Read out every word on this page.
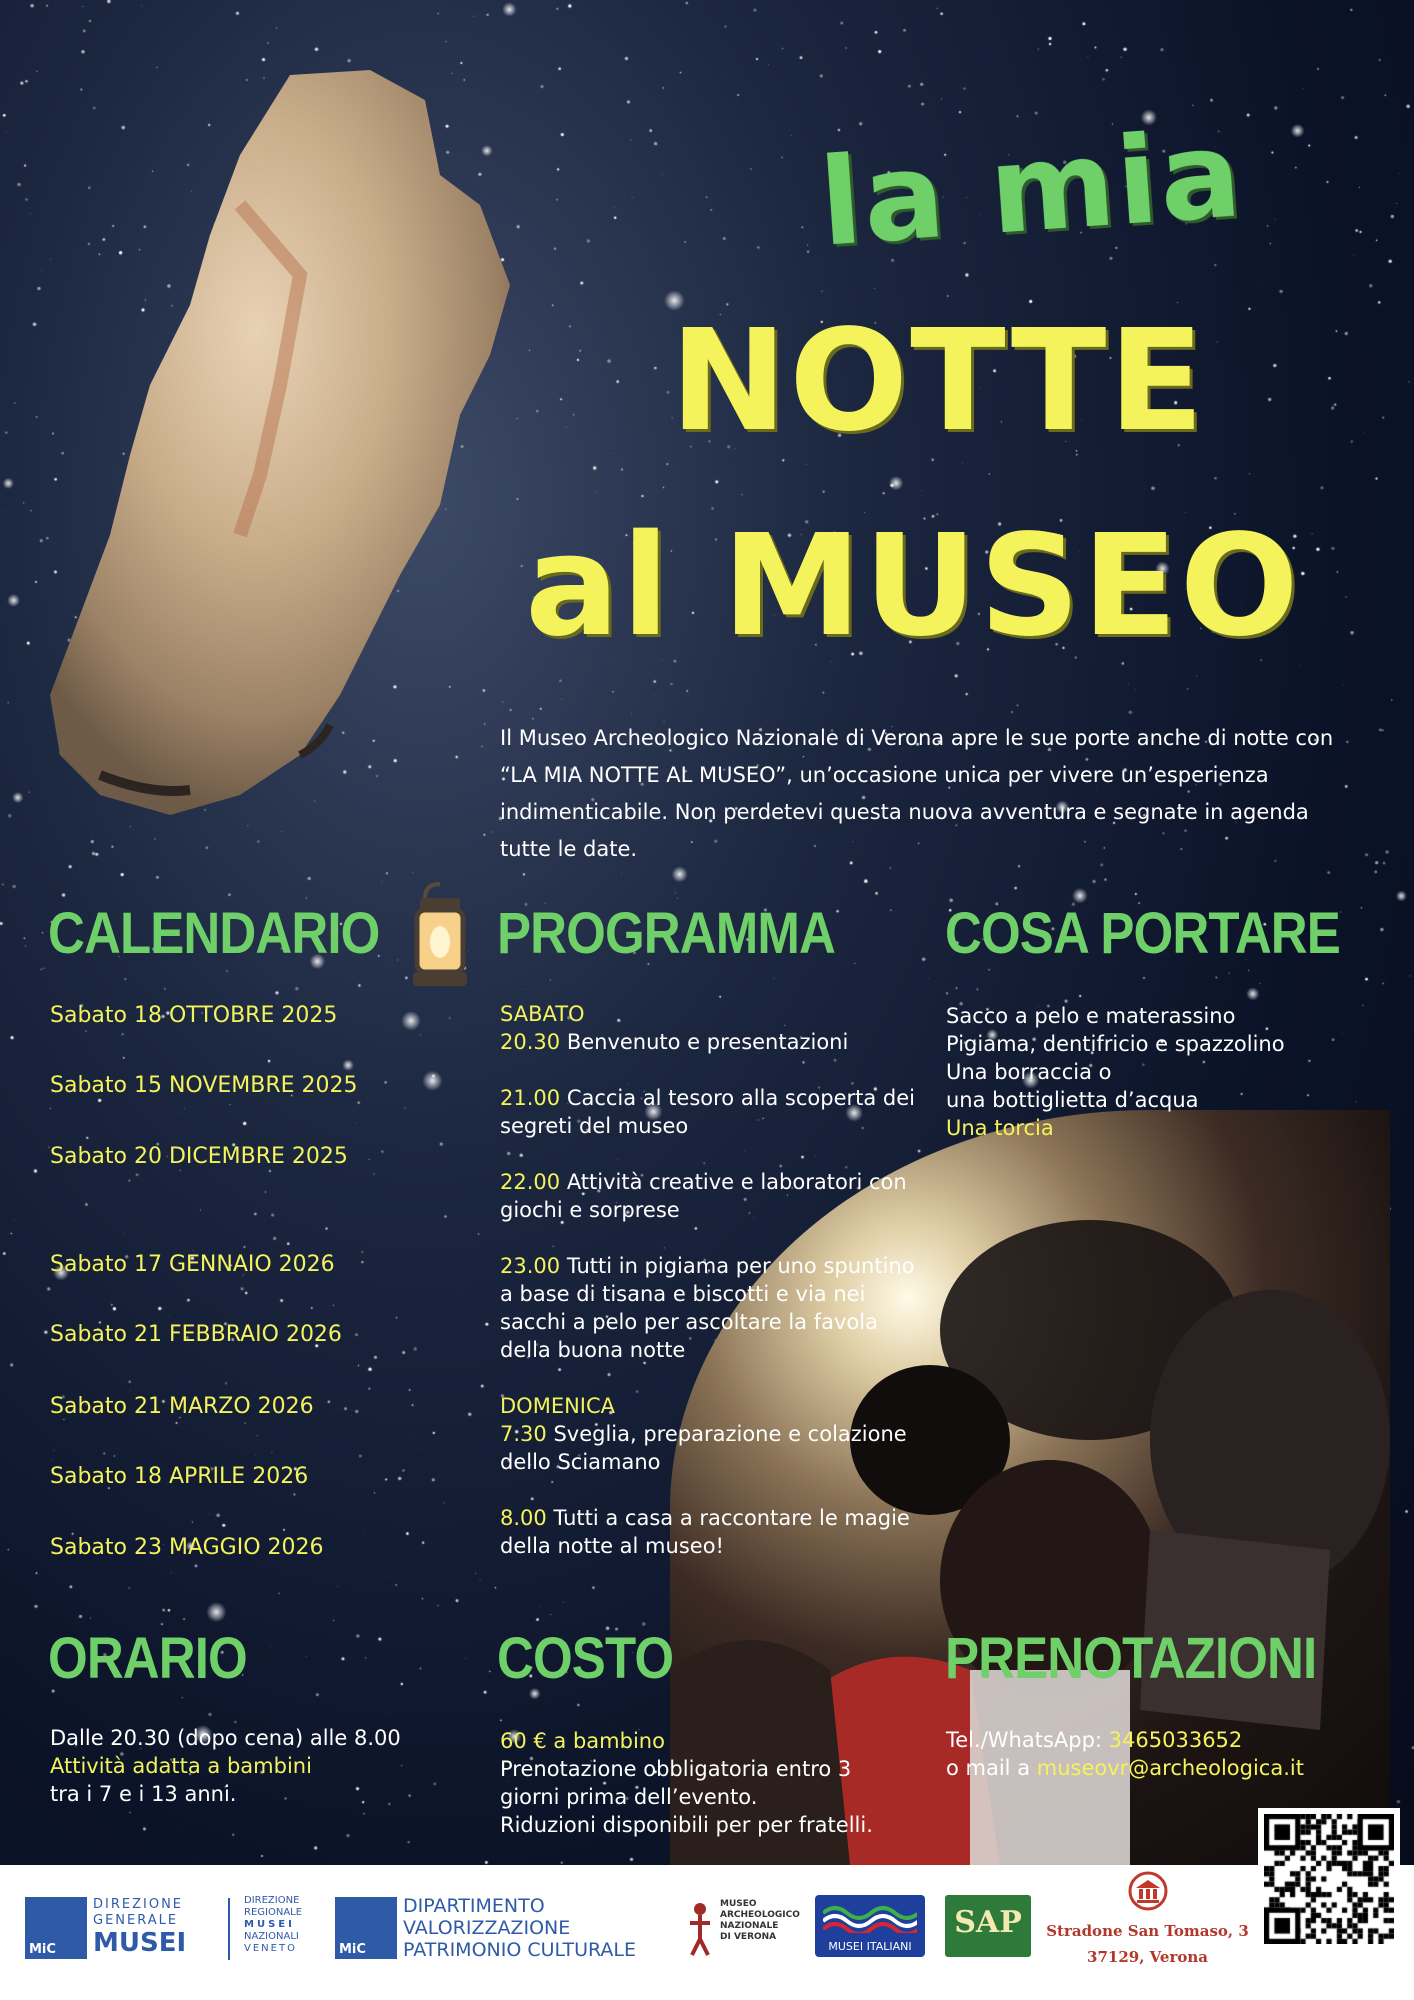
la mia
NOTTE
al MUSEO
Il Museo Archeologico Nazionale di Verona apre le sue porte anche di notte con “LA MIA NOTTE AL MUSEO”, un’occasione unica per vivere un’esperienza indimenticabile. Non perdetevi questa nuova avventura e segnate in agenda tutte le date.
CALENDARIO PROGRAMMA COSA PORTARE
Sabato 18 OTTOBRE 2025
Sabato 15 NOVEMBRE 2025
Sabato 20 DICEMBRE 2025
Sabato 17 GENNAIO 2026
Sabato 21 FEBBRAIO 2026
Sabato 21 MARZO 2026
Sabato 18 APRILE 2026
Sabato 23 MAGGIO 2026
SABATO
20.30 Benvenuto e presentazioni
21.00 Caccia al tesoro alla scoperta dei segreti del museo
22.00 Attività creative e laboratori con giochi e sorprese
23.00 Tutti in pigiama per uno spuntino a base di tisana e biscotti e via nei sacchi a pelo per ascoltare la favola della buona notte
DOMENICA
7.30 Sveglia, preparazione e colazione dello Sciamano
8.00 Tutti a casa a raccontare le magie della notte al museo!
Sacco a pelo e materassino
Pigiama, dentifricio e spazzolino
Una borraccia o
una bottiglietta d’acqua
Una torcia
ORARIO	COSTO	PRENOTAZIONI
Dalle 20.30 (dopo cena) alle 8.00
Attività adatta a bambini
tra i 7 e i 13 anni.
60 € a bambino
Prenotazione obbligatoria entro 3
giorni prima dell’evento.
Riduzioni disponibili per per fratelli.
Tel./WhatsApp: 3465033652
o mail a museovr@archeologica.it
MiC
DIREZIONE
GENERALE
MUSEI
DIREZIONE
REGIONALE
MUSEI
NAZIONALI
VENETO	MiC
DIPARTIMENTO
VALORIZZAZIONE
PATRIMONIO CULTURALE
MUSEO
ARCHEOLOGICO
NAZIONALE
DI VERONA
MUSEI ITALIANI
SAP	Stradone San Tomaso, 3
37129, Verona
